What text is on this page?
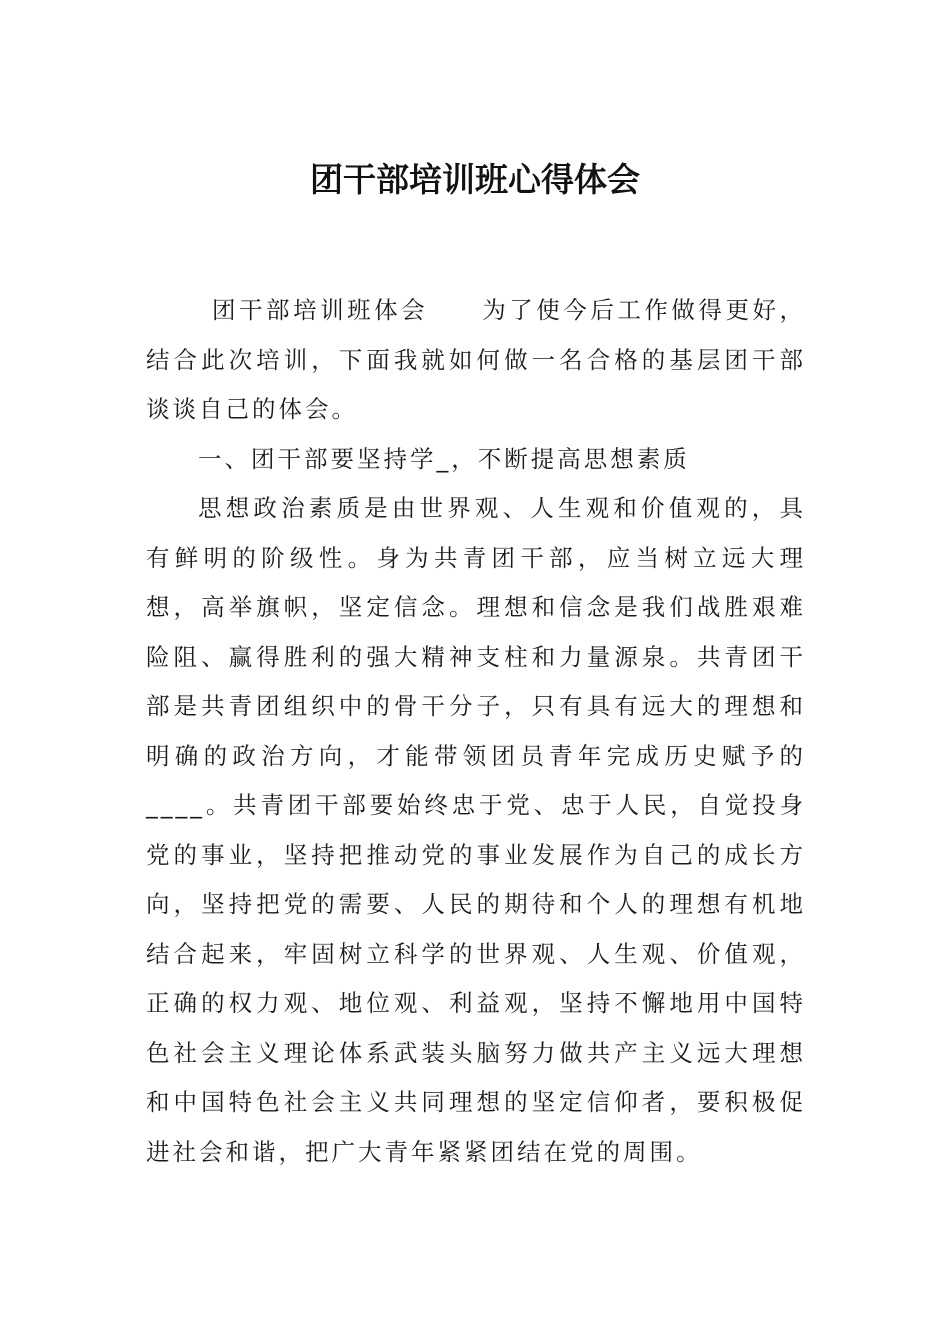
团干部培训班心得体会

团干部培训班体会　　为了使今后工作做得更好，结合此次培训，下面我就如何做一名合格的基层团干部谈谈自己的体会。

一、团干部要坚持学_，不断提高思想素质

思想政治素质是由世界观、人生观和价值观的，具有鲜明的阶级性。身为共青团干部，应当树立远大理想，高举旗帜，坚定信念。理想和信念是我们战胜艰难险阻、赢得胜利的强大精神支柱和力量源泉。共青团干部是共青团组织中的骨干分子，只有具有远大的理想和明确的政治方向，才能带领团员青年完成历史赋予的____。共青团干部要始终忠于党、忠于人民，自觉投身党的事业，坚持把推动党的事业发展作为自己的成长方向，坚持把党的需要、人民的期待和个人的理想有机地结合起来，牢固树立科学的世界观、人生观、价值观，正确的权力观、地位观、利益观，坚持不懈地用中国特色社会主义理论体系武装头脑努力做共产主义远大理想和中国特色社会主义共同理想的坚定信仰者，要积极促进社会和谐，把广大青年紧紧团结在党的周围。
